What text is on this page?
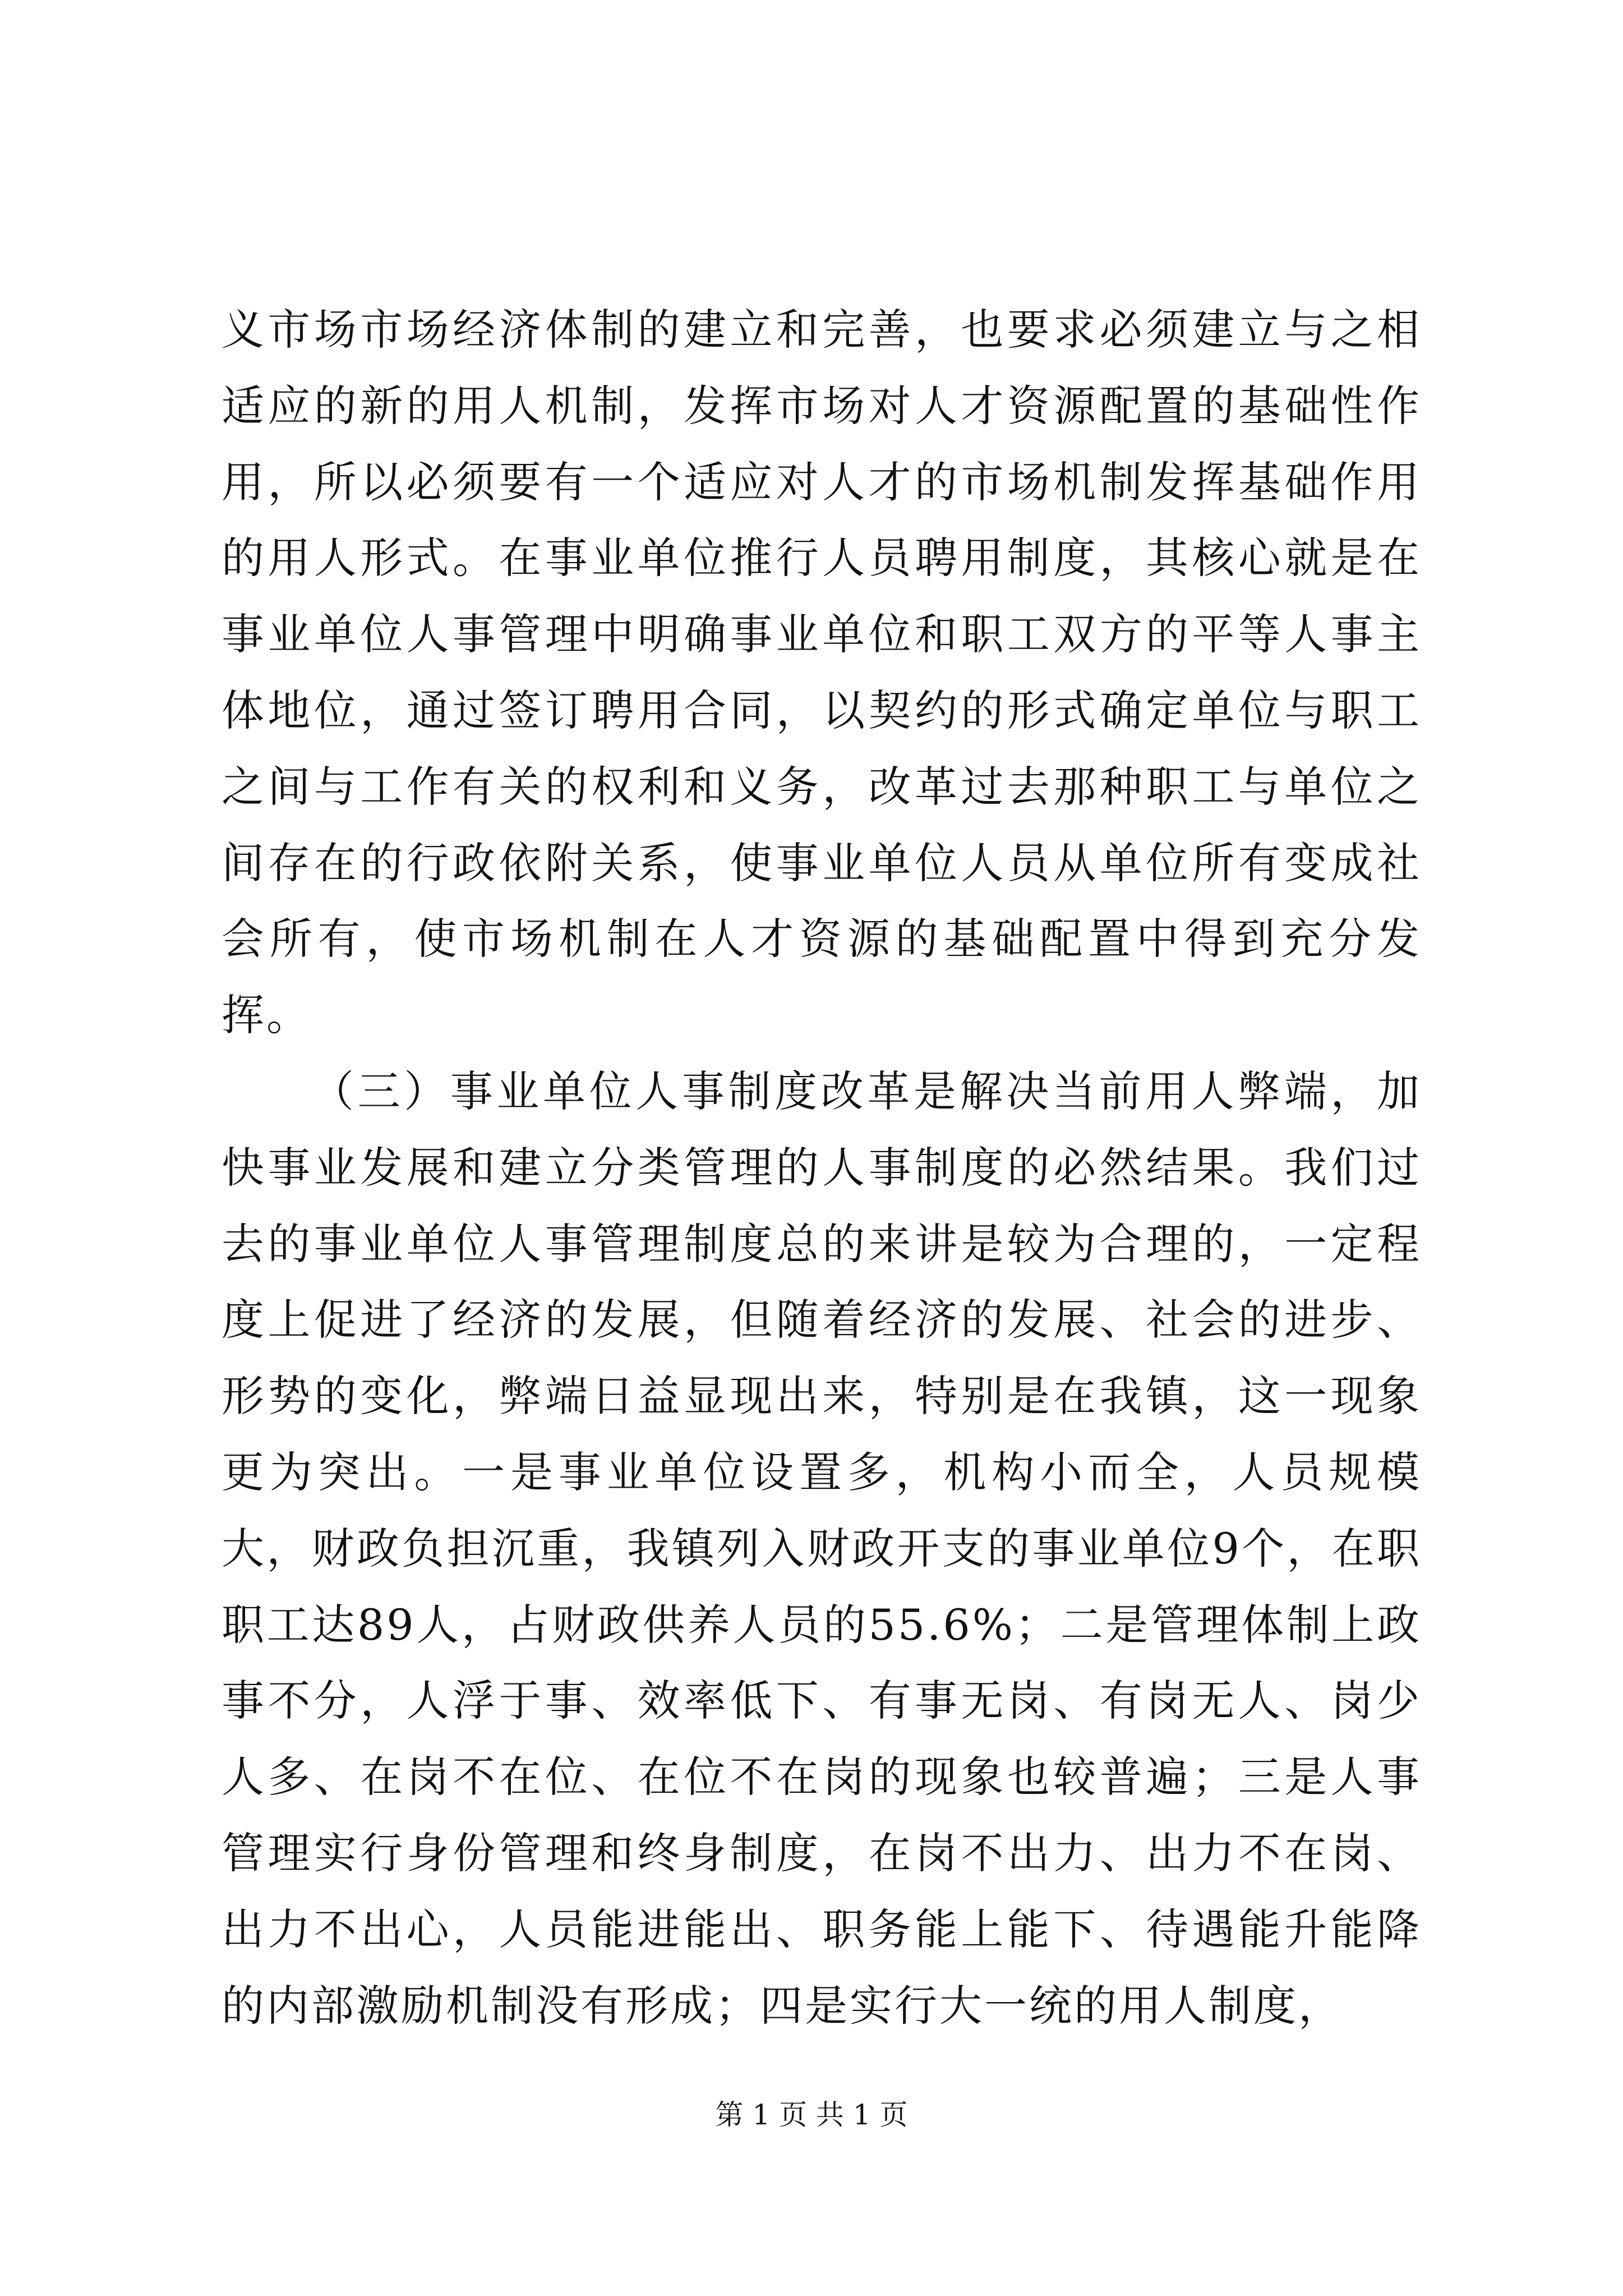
义市场市场经济体制的建立和完善，也要求必须建立与之相适应的新的用人机制，发挥市场对人才资源配置的基础性作用，所以必须要有一个适应对人才的市场机制发挥基础作用的用人形式。在事业单位推行人员聘用制度，其核心就是在事业单位人事管理中明确事业单位和职工双方的平等人事主体地位，通过签订聘用合同，以契约的形式确定单位与职工之间与工作有关的权利和义务，改革过去那种职工与单位之间存在的行政依附关系，使事业单位人员从单位所有变成社会所有，使市场机制在人才资源的基础配置中得到充分发挥。

（三）事业单位人事制度改革是解决当前用人弊端，加快事业发展和建立分类管理的人事制度的必然结果。我们过去的事业单位人事管理制度总的来讲是较为合理的，一定程度上促进了经济的发展，但随着经济的发展、社会的进步、形势的变化，弊端日益显现出来，特别是在我镇，这一现象更为突出。一是事业单位设置多，机构小而全，人员规模大，财政负担沉重，我镇列入财政开支的事业单位9个，在职职工达89人，占财政供养人员的55.6%；二是管理体制上政事不分，人浮于事、效率低下、有事无岗、有岗无人、岗少人多、在岗不在位、在位不在岗的现象也较普遍；三是人事管理实行身份管理和终身制度，在岗不出力、出力不在岗、出力不出心，人员能进能出、职务能上能下、待遇能升能降的内部激励机制没有形成；四是实行大一统的用人制度，

第 1 页 共 1 页
